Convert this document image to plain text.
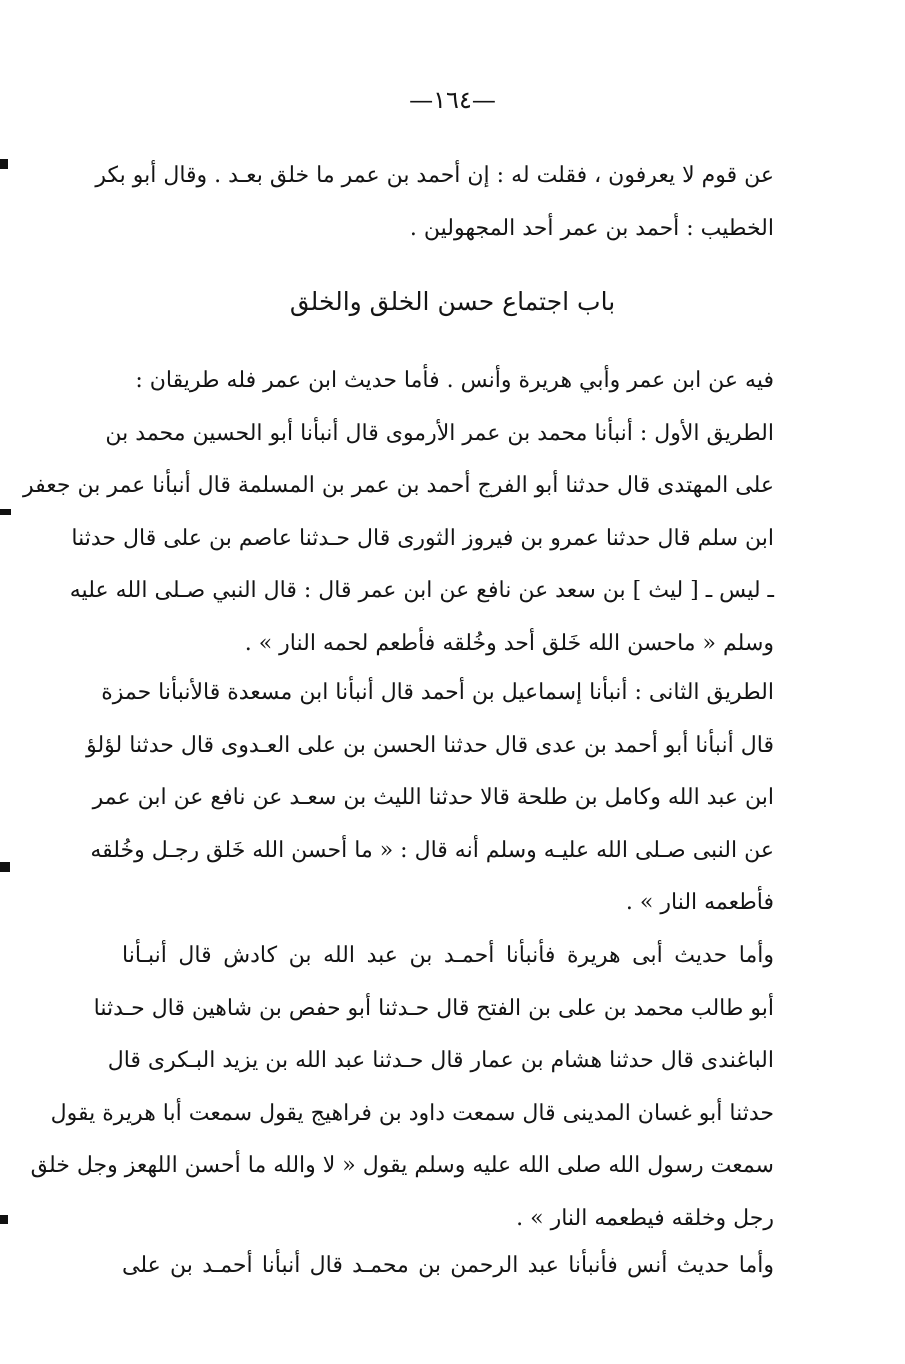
—١٦٤—
عن قوم لا يعرفون ، فقلت له : إن أحمد بن عمر ما خلق بعـد . وقال أبو بكر
الخطيب : أحمد بن عمر أحد المجهولين .
باب اجتماع حسن الخلق والخلق
فيه عن ابن عمر وأبي هريرة وأنس . فأما حديث ابن عمر فله طريقان :
الطريق الأول : أنبأنا محمد بن عمر الأرموى قال أنبأنا أبو الحسين محمد بن
على المهتدى قال حدثنا أبو الفرج أحمد بن عمر بن المسلمة قال أنبأنا عمر بن جعفر
ابن سلم قال حدثنا عمرو بن فيروز الثورى قال حـدثنا عاصم بن على قال حدثنا
ـ ليس ـ [ ليث ] بن سعد عن نافع عن ابن عمر قال : قال النبي صـلى الله عليه
وسلم « ماحسن الله خَلق أحد وخُلقه فأطعم لحمه النار » .
الطريق الثانى : أنبأنا إسماعيل بن أحمد قال أنبأنا ابن مسعدة قالأنبأنا حمزة
قال أنبأنا أبو أحمد بن عدى قال حدثنا الحسن بن على العـدوى قال حدثنا لؤلؤ
ابن عبد الله وكامل بن طلحة قالا حدثنا الليث بن سعـد عن نافع عن ابن عمر
عن النبى صـلى الله عليـه وسلم أنه قال : « ما أحسن الله خَلق رجـل وخُلقه
فأطعمه النار » .
وأما حديث أبى هريرة فأنبأنا أحمـد بن عبد الله بن كادش قال أنبـأنا
أبو طالب محمد بن على بن الفتح قال حـدثنا أبو حفص بن شاهين قال حـدثنا
الباغندى قال حدثنا هشام بن عمار قال حـدثنا عبد الله بن يزيد البـكرى قال
حدثنا أبو غسان المدينى قال سمعت داود بن فراهيج يقول سمعت أبا هريرة يقول
سمعت رسول الله صلى الله عليه وسلم يقول « لا والله ما أحسن اللهعز وجل خلق
رجل وخلقه فيطعمه النار » .
وأما حديث أنس فأنبأنا عبد الرحمن بن محمـد قال أنبأنا أحمـد بن على
